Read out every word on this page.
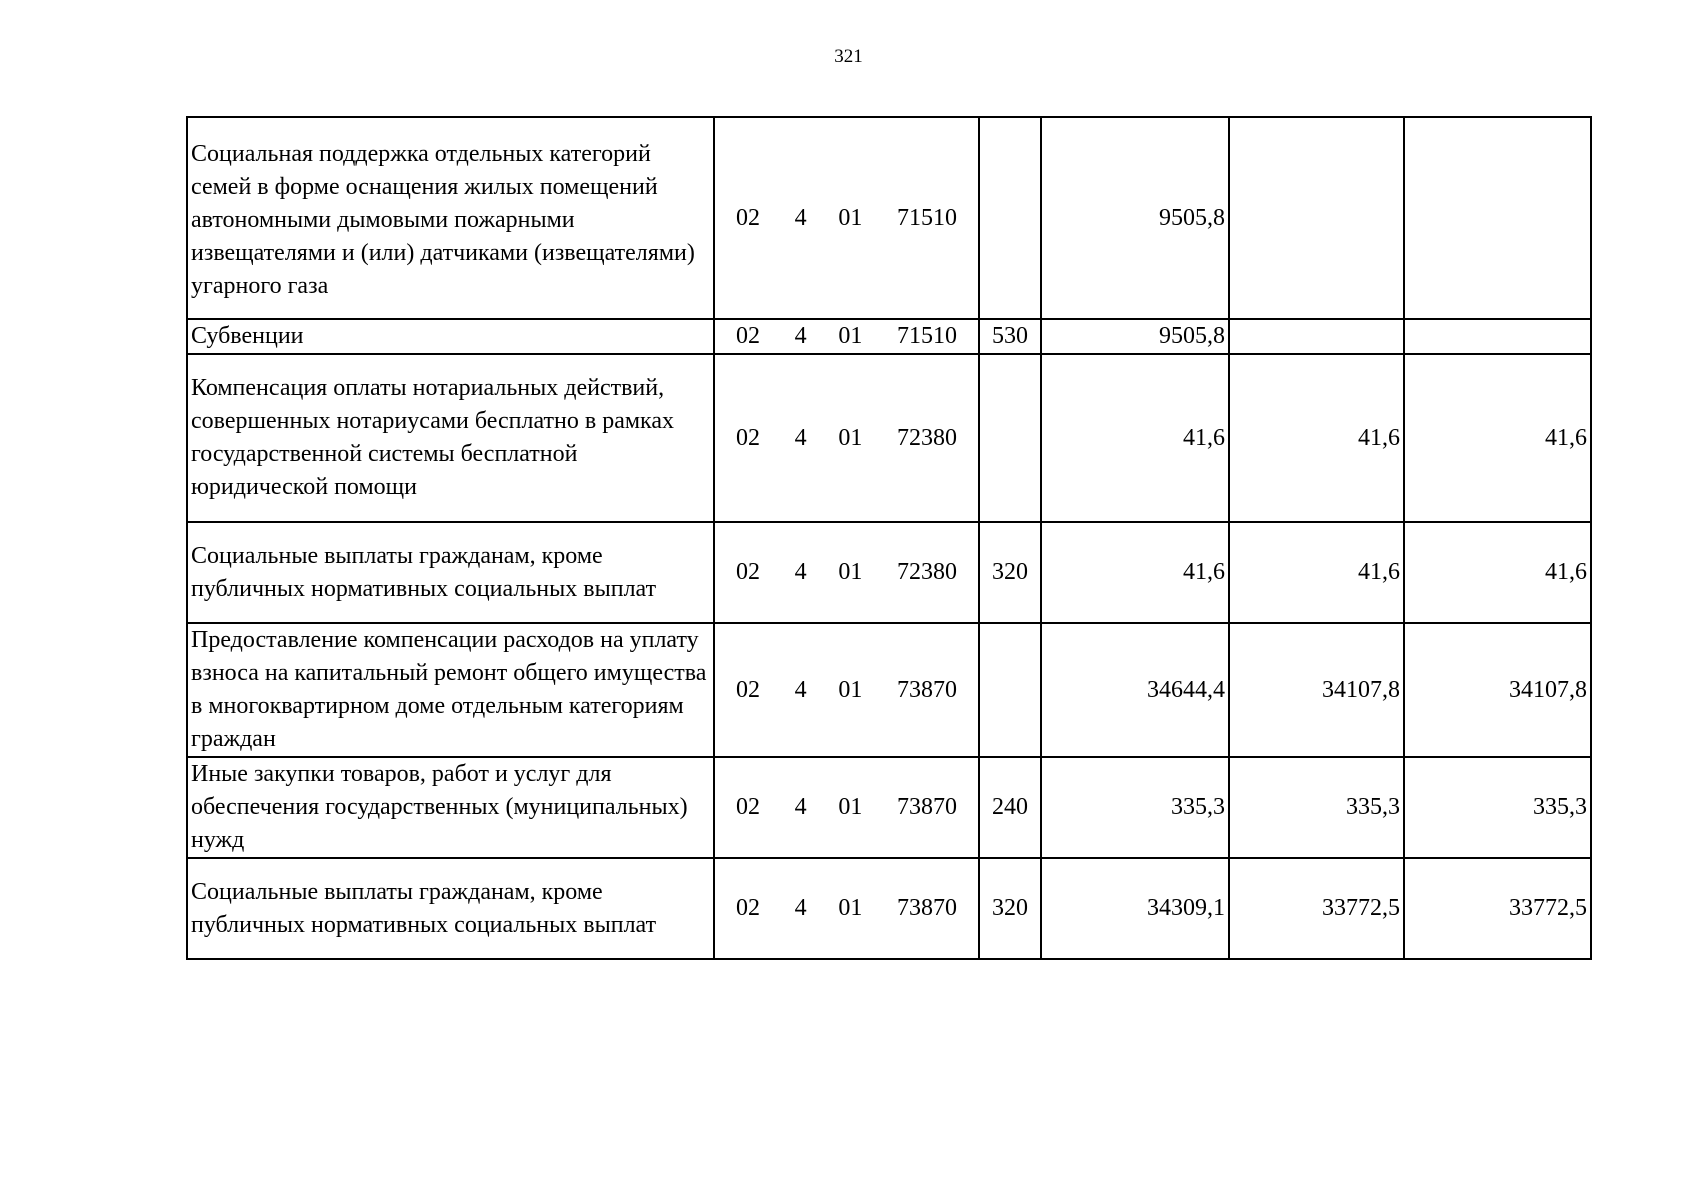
321
Социальная поддержка отдельных категорий семей в форме оснащения жилых помещений автономными дымовыми пожарными извещателями и (или) датчиками (извещателями) угарного газа	02 4 01 71510		9505,8		
Субвенции	02 4 01 71510	530	9505,8		
Компенсация оплаты нотариальных действий, совершенных нотариусами бесплатно в рамках государственной системы бесплатной юридической помощи	02 4 01 72380		41,6	41,6	41,6
Социальные выплаты гражданам, кроме публичных нормативных социальных выплат	02 4 01 72380	320	41,6	41,6	41,6
Предоставление компенсации расходов на уплату взноса на капитальный ремонт общего имущества в многоквартирном доме отдельным категориям граждан	02 4 01 73870		34644,4	34107,8	34107,8
Иные закупки товаров, работ и услуг для обеспечения государственных (муниципальных) нужд	02 4 01 73870	240	335,3	335,3	335,3
Социальные выплаты гражданам, кроме публичных нормативных социальных выплат	02 4 01 73870	320	34309,1	33772,5	33772,5
